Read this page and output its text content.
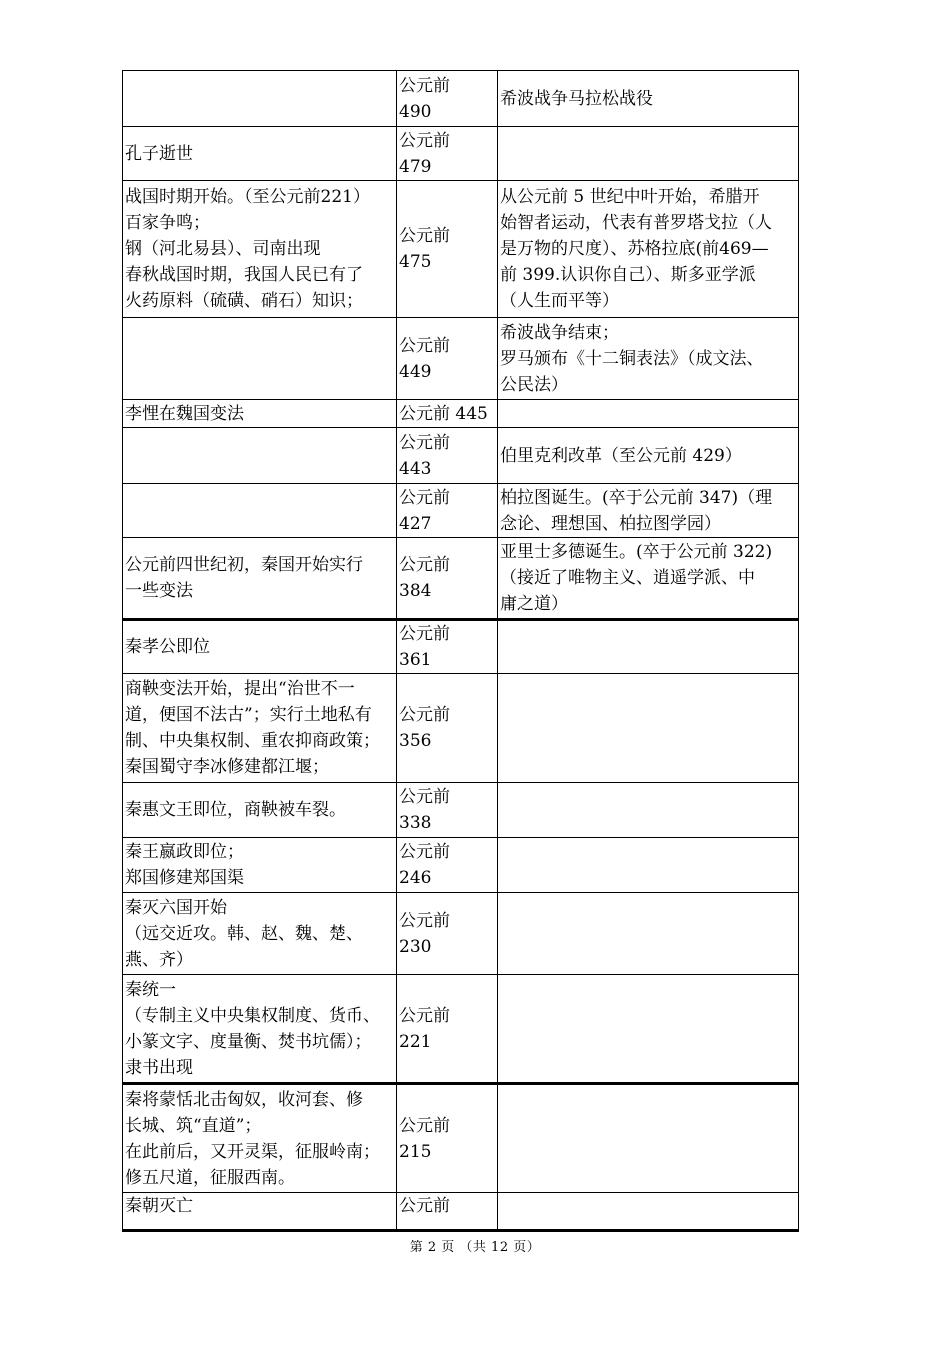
	公元前
490	希波战争马拉松战役

孔子逝世	公元前
479	

战国时期开始。（至公元前221）
百家争鸣；
钢（河北易县）、司南出现
春秋战国时期，我国人民已有了
火药原料（硫磺、硝石）知识；	公元前
475	从公元前 5 世纪中叶开始，希腊开
始智者运动，代表有普罗塔戈拉（人
是万物的尺度）、苏格拉底(前469—
前 399.认识你自己）、斯多亚学派
（人生而平等）

	公元前
449	希波战争结束；
罗马颁布《十二铜表法》（成文法、
公民法）

李悝在魏国变法	公元前 445	

	公元前
443	伯里克利改革（至公元前 429）

	公元前
427	柏拉图诞生。(卒于公元前 347)（理
念论、理想国、柏拉图学园）

公元前四世纪初，秦国开始实行
一些变法	公元前
384	亚里士多德诞生。(卒于公元前 322)
（接近了唯物主义、逍遥学派、中
庸之道）

秦孝公即位	公元前
361	

商鞅变法开始，提出“治世不一
道，便国不法古”；实行土地私有
制、中央集权制、重农抑商政策；
秦国蜀守李冰修建都江堰；	公元前
356	

秦惠文王即位，商鞅被车裂。	公元前
338	

秦王嬴政即位；
郑国修建郑国渠	公元前
246	

秦灭六国开始
（远交近攻。韩、赵、魏、楚、
燕、齐）	公元前
230	

秦统一
（专制主义中央集权制度、货币、
小篆文字、度量衡、焚书坑儒）；
隶书出现	公元前
221	

秦将蒙恬北击匈奴，收河套、修
长城、筑“直道”；
在此前后，又开灵渠，征服岭南；
修五尺道，征服西南。	公元前
215	

秦朝灭亡	公元前	

第 2 页 （共 12 页）
